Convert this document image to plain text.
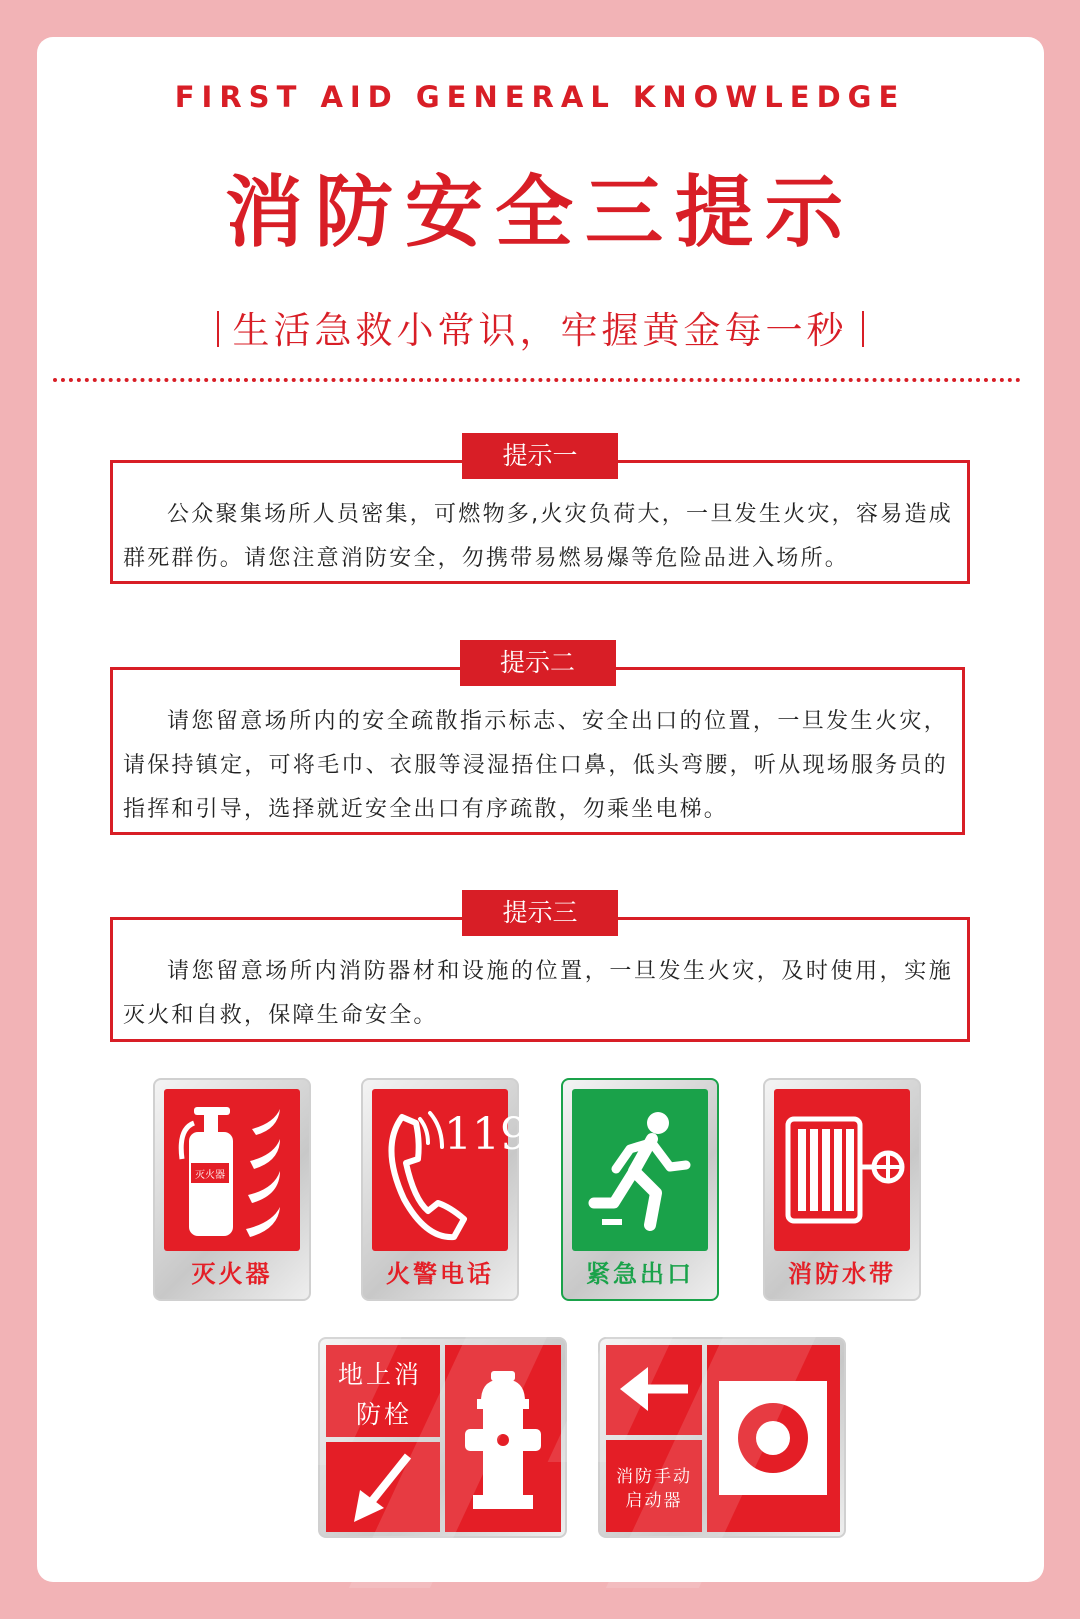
FIRST AID GENERAL KNOWLEDGE
消防安全三提示
生活急救小常识，牢握黄金每一秒
提示一
公众聚集场所人员密集，可燃物多,火灾负荷大，一旦发生火灾，容易造成群死群伤。请您注意消防安全，勿携带易燃易爆等危险品进入场所。
提示二
请您留意场所内的安全疏散指示标志、安全出口的位置，一旦发生火灾，请保持镇定，可将毛巾、衣服等浸湿捂住口鼻，低头弯腰，听从现场服务员的指挥和引导，选择就近安全出口有序疏散，勿乘坐电梯。
提示三
请您留意场所内消防器材和设施的位置，一旦发生火灾，及时使用，实施灭火和自救，保障生命安全。
灭火器
灭火器
119
火警电话	紧急出口	消防水带
地上消
防栓
消防手动
启动器
